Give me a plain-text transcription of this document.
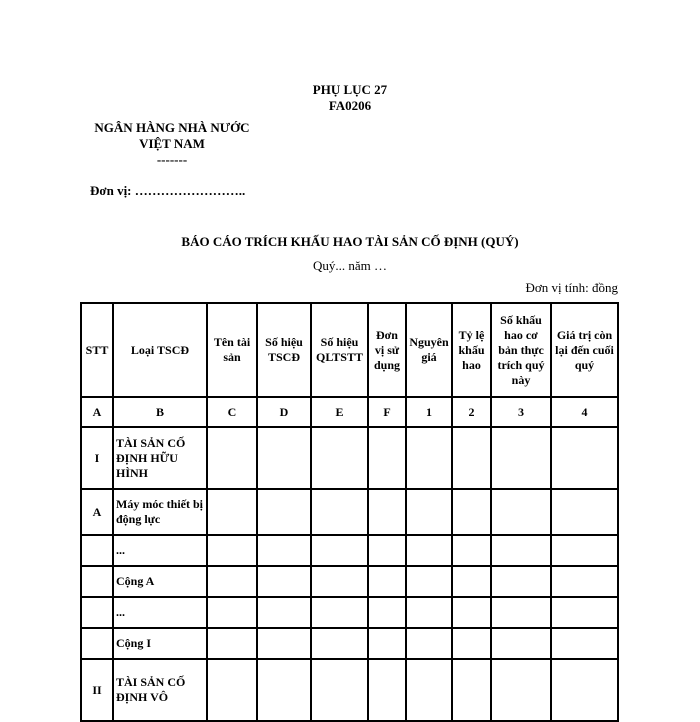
PHỤ LỤC 27
FA0206
NGÂN HÀNG NHÀ NƯỚC
VIỆT NAM
-------
Đơn vị: ……………………..
BÁO CÁO TRÍCH KHẤU HAO TÀI SẢN CỐ ĐỊNH (QUÝ)
Quý... năm …
Đơn vị tính: đồng
STT	Loại TSCĐ	Tên tài sản	Số hiệu TSCĐ	Số hiệu QLTSTT	Đơn vị sử dụng	Nguyên giá	Tỷ lệ khấu hao	Số khấu hao cơ bản thực trích quý này	Giá trị còn lại đến cuối quý
A	B	C	D	E	F	1	2	3	4
I	TÀI SẢN CỐ ĐỊNH HỮU HÌNH								
A	Máy móc thiết bị động lực								
	...								
	Cộng A								
	...								
	Cộng I								
II	TÀI SẢN CỐ ĐỊNH VÔ								
